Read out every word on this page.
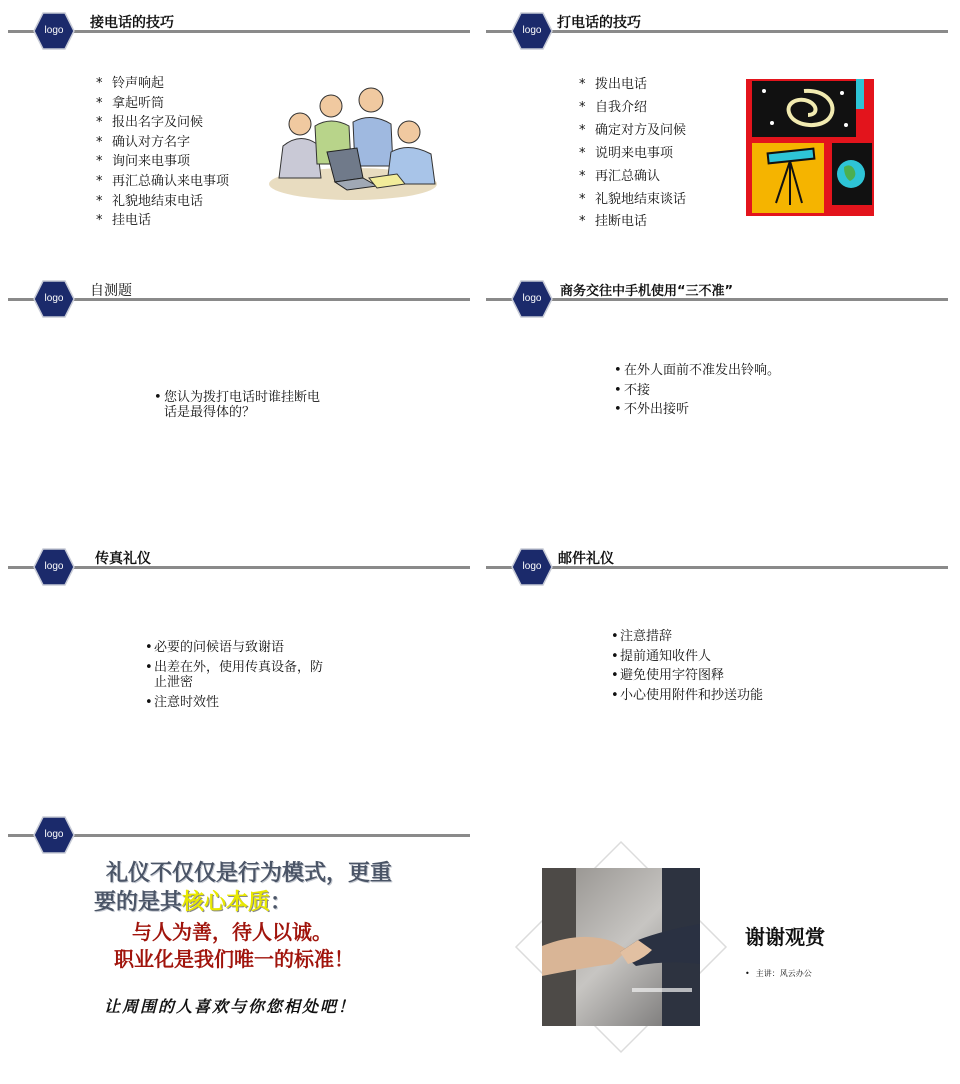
logo	接电话的技巧
* 铃声响起
* 拿起听筒
* 报出名字及问候
* 确认对方名字
* 询问来电事项
* 再汇总确认来电事项
* 礼貌地结束电话
* 挂电话
logo	打电话的技巧
* 拨出电话
* 自我介绍
* 确定对方及问候
* 说明来电事项
* 再汇总确认
* 礼貌地结束谈话
* 挂断电话
logo	自测题
• 您认为拨打电话时谁挂断电
话是最得体的？
logo	商务交往中手机使用“三不准”
• 在外人面前不准发出铃响。
• 不接
• 不外出接听
logo	传真礼仪
• 必要的问候语与致谢语
• 出差在外，使用传真设备，防
止泄密
• 注意时效性
logo	邮件礼仪
• 注意措辞
• 提前通知收件人
• 避免使用字符图释
• 小心使用附件和抄送功能
logo
礼仪不仅仅是行为模式，更重
要的是其核心本质：
与人为善，待人以诚。
职业化是我们唯一的标准！
让周围的人喜欢与你您相处吧！
谢谢观赏
• 主讲：风云办公
